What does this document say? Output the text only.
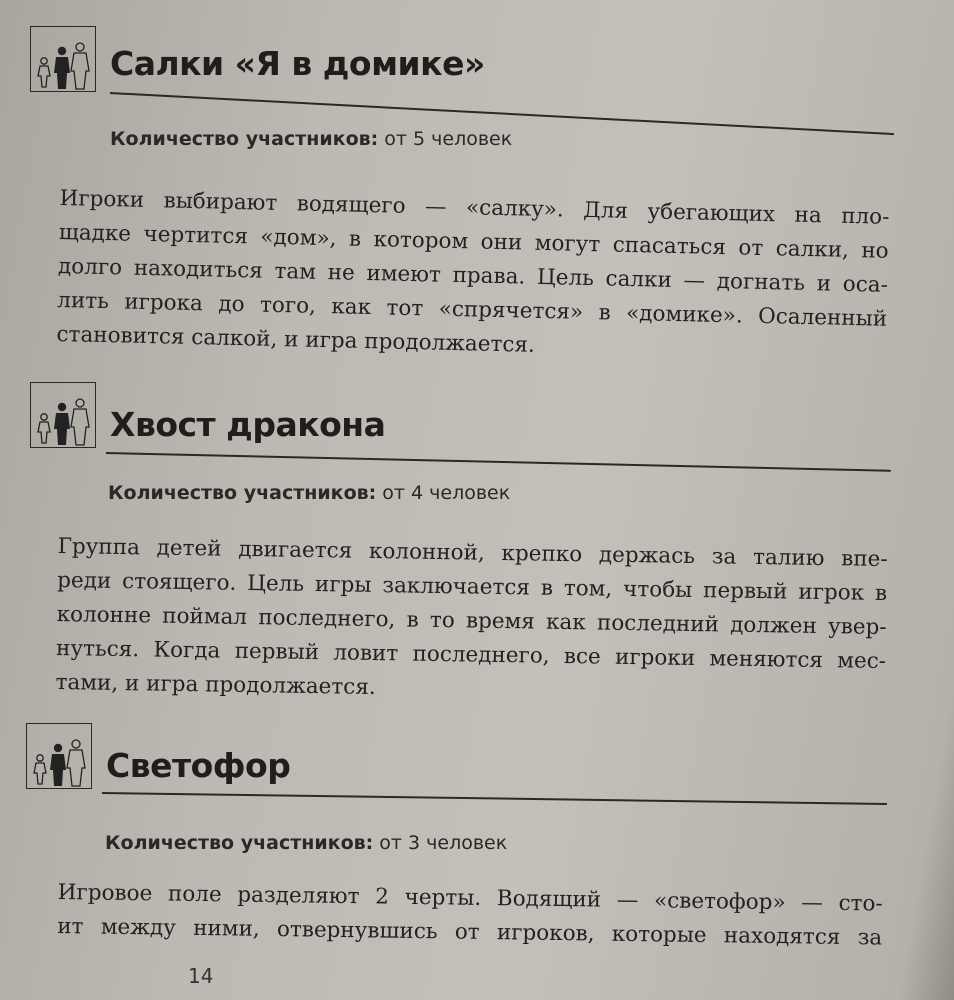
Салки «Я в домике»
Количество участников: от 5 человек
Игроки выбирают водящего — «салку». Для убегающих на пло-
щадке чертится «дом», в котором они могут спасаться от салки, но
долго находиться там не имеют права. Цель салки — догнать и оса-
лить игрока до того, как тот «спрячется» в «домике». Осаленный
становится салкой, и игра продолжается.
Хвост дракона
Количество участников: от 4 человек
Группа детей двигается колонной, крепко держась за талию впе-
реди стоящего. Цель игры заключается в том, чтобы первый игрок в
колонне поймал последнего, в то время как последний должен увер-
нуться. Когда первый ловит последнего, все игроки меняются мес-
тами, и игра продолжается.
Светофор
Количество участников: от 3 человек
Игровое поле разделяют 2 черты. Водящий — «светофор» — сто-
ит между ними, отвернувшись от игроков, которые находятся за
14
